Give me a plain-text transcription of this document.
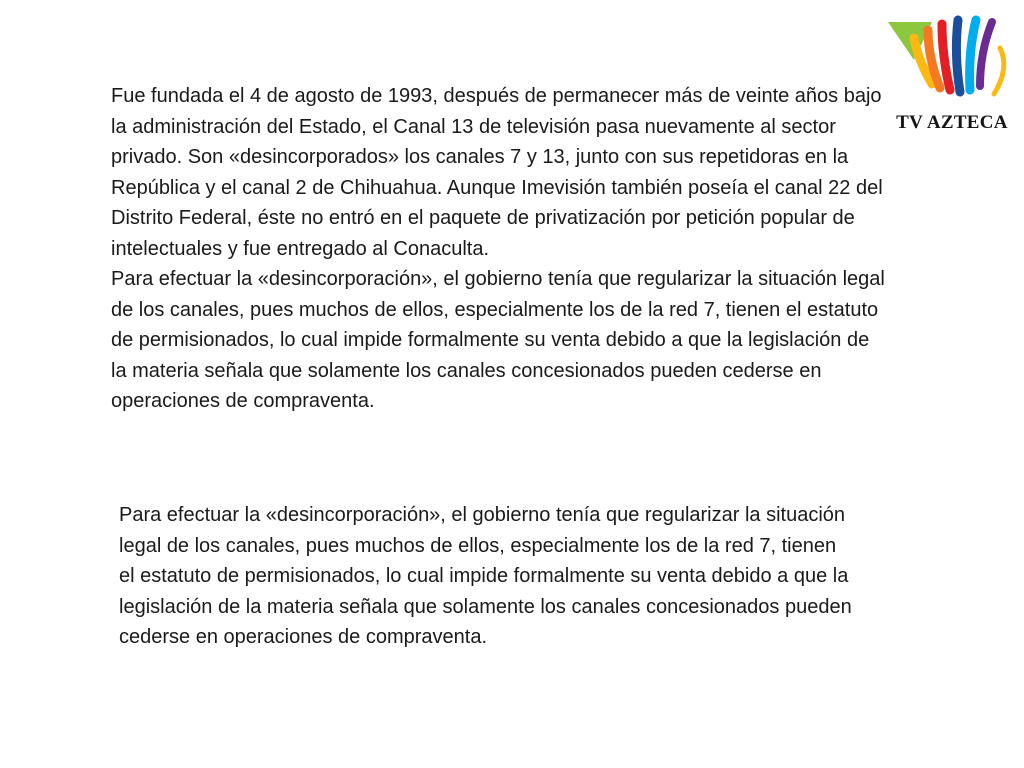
TV AZTECA

Fue fundada el 4 de agosto de 1993, después de permanecer más de veinte años bajo la administración del Estado, el Canal 13 de televisión pasa nuevamente al sector privado. Son «desincorporados» los canales 7 y 13, junto con sus repetidoras en la República y el canal 2 de Chihuahua. Aunque Imevisión también poseía el canal 22 del Distrito Federal, éste no entró en el paquete de privatización por petición popular de intelectuales y fue entregado al Conaculta.

Para efectuar la «desincorporación», el gobierno tenía que regularizar la situación legal de los canales, pues muchos de ellos, especialmente los de la red 7, tienen el estatuto de permisionados, lo cual impide formalmente su venta debido a que la legislación de la materia señala que solamente los canales concesionados pueden cederse en operaciones de compraventa.

Para efectuar la «desincorporación», el gobierno tenía que regularizar la situación legal de los canales, pues muchos de ellos, especialmente los de la red 7, tienen el estatuto de permisionados, lo cual impide formalmente su venta debido a que la legislación de la materia señala que solamente los canales concesionados pueden cederse en operaciones de compraventa.
